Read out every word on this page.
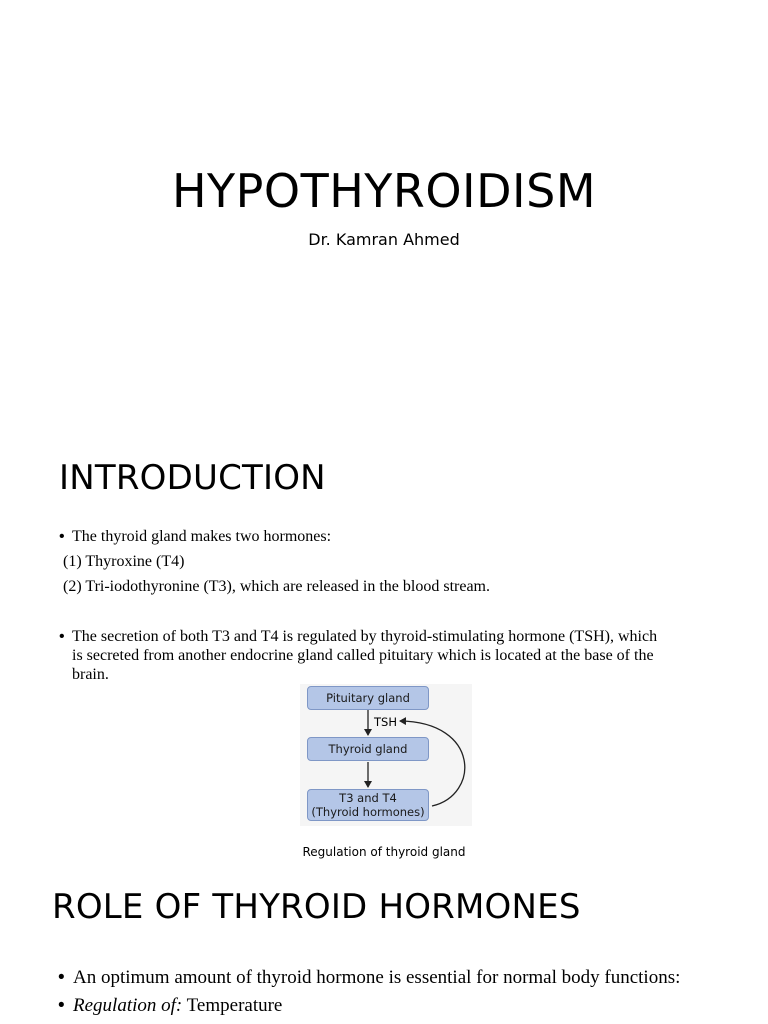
HYPOTHYROIDISM
Dr. Kamran Ahmed
INTRODUCTION
• The thyroid gland makes two hormones:
(1) Thyroxine (T4)
(2) Tri-iodothyronine (T3), which are released in the blood stream.
• The secretion of both T3 and T4 is regulated by thyroid-stimulating hormone (TSH), which
is secreted from another endocrine gland called pituitary which is located at the base of the
brain.
Pituitary gland
TSH
Thyroid gland
T3 and T4
(Thyroid hormones)
Regulation of thyroid gland
ROLE OF THYROID HORMONES
• An optimum amount of thyroid hormone is essential for normal body functions:
• Regulation of: Temperature
